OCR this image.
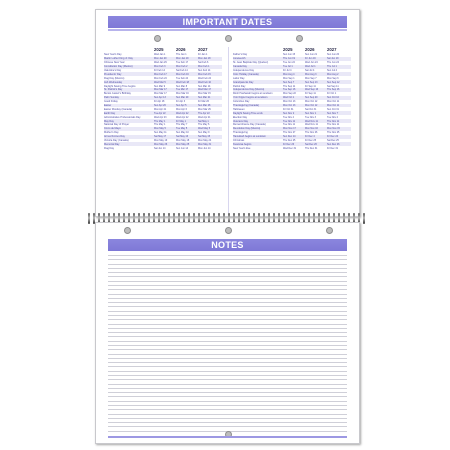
IMPORTANT DATES
2025	2026	2027
New Year's Day	Wed Jan 1	Thu Jan 1	Fri Jan 1
Martin Luther King Jr. Day	Mon Jan 20	Mon Jan 19	Mon Jan 18
Chinese New Year	Wed Jan 29	Tue Feb 17	Sat Feb 6
Constitution Day (Mexico)	Mon Feb 3	Mon Feb 2	Mon Feb 1
Valentine's Day	Fri Feb 14	Sat Feb 14	Sun Feb 14
Presidents' Day	Mon Feb 17	Mon Feb 16	Mon Feb 15
Flag Day (Mexico)	Mon Feb 24	Tue Feb 24	Wed Feb 24
Ash Wednesday	Wed Mar 5	Wed Feb 18	Wed Feb 10
Daylight Saving Time begins	Sun Mar 9	Sun Mar 8	Sun Mar 14
St. Patrick's Day	Mon Mar 17	Tue Mar 17	Wed Mar 17
Benito Juárez's Birthday	Mon Mar 17	Mon Mar 16	Mon Mar 15
Palm Sunday	Sun Apr 13	Sun Mar 29	Sun Mar 21
Good Friday	Fri Apr 18	Fri Apr 3	Fri Mar 26
Easter	Sun Apr 20	Sun Apr 5	Sun Mar 28
Easter Monday (Canada)	Mon Apr 21	Mon Apr 6	Mon Mar 29
Earth Day	Tue Apr 22	Wed Apr 22	Thu Apr 22
Administrative Professionals Day	Wed Apr 23	Wed Apr 22	Wed Apr 21
May Day	Thu May 1	Fri May 1	Sat May 1
National Day of Prayer	Thu May 1	Thu May 7	Thu May 6
Cinco de Mayo	Mon May 5	Tue May 5	Wed May 5
Mother's Day	Sun May 11	Sun May 10	Sun May 9
Armed Forces Day	Sat May 17	Sat May 16	Sat May 15
Victoria Day (Canada)	Mon May 19	Mon May 18	Mon May 24
Memorial Day	Mon May 26	Mon May 25	Mon May 31
Flag Day	Sat Jun 14	Sun Jun 14	Mon Jun 14
2025	2026	2027
Father's Day	Sun Jun 15	Sun Jun 21	Sun Jun 20
Juneteenth	Thu Jun 19	Fri Jun 19	Sat Jun 19
St. Jean Baptiste Day (Quebec)	Tue Jun 24	Wed Jun 24	Thu Jun 24
Canada Day	Tue Jul 1	Wed Jul 1	Thu Jul 1
Independence Day	Fri Jul 4	Sat Jul 4	Sun Jul 4
Civic Holiday (Canada)	Mon Aug 4	Mon Aug 3	Mon Aug 2
Labor Day	Mon Sep 1	Mon Sep 7	Mon Sep 6
Grandparents Day	Sun Sep 7	Sun Sep 13	Sun Sep 12
Patriot Day	Thu Sep 11	Fri Sep 11	Sat Sep 11
Independence Day (Mexico)	Tue Sep 16	Wed Sep 16	Thu Sep 16
Rosh Hashanah begins at sundown	Mon Sep 22	Fri Sep 11	Fri Oct 1
Yom Kippur begins at sundown	Wed Oct 1	Sun Sep 20	Sun Oct 10
Columbus Day	Mon Oct 13	Mon Oct 12	Mon Oct 11
Thanksgiving (Canada)	Mon Oct 13	Mon Oct 12	Mon Oct 11
Halloween	Fri Oct 31	Sat Oct 31	Sun Oct 31
Daylight Saving Time ends	Sun Nov 2	Sun Nov 1	Sun Nov 7
Election Day	Tue Nov 4	Tue Nov 3	Tue Nov 2
Veterans Day	Tue Nov 11	Wed Nov 11	Thu Nov 11
Remembrance Day (Canada)	Tue Nov 11	Wed Nov 11	Thu Nov 11
Revolution Day (Mexico)	Mon Nov 17	Mon Nov 16	Mon Nov 15
Thanksgiving	Thu Nov 27	Thu Nov 26	Thu Nov 25
Hanukkah begins at sundown	Sun Dec 14	Fri Dec 4	Fri Dec 24
Christmas	Thu Dec 25	Fri Dec 25	Sat Dec 25
Kwanzaa begins	Fri Dec 26	Sat Dec 26	Sun Dec 26
New Year's Eve	Wed Dec 31	Thu Dec 31	Fri Dec 31
NOTES
